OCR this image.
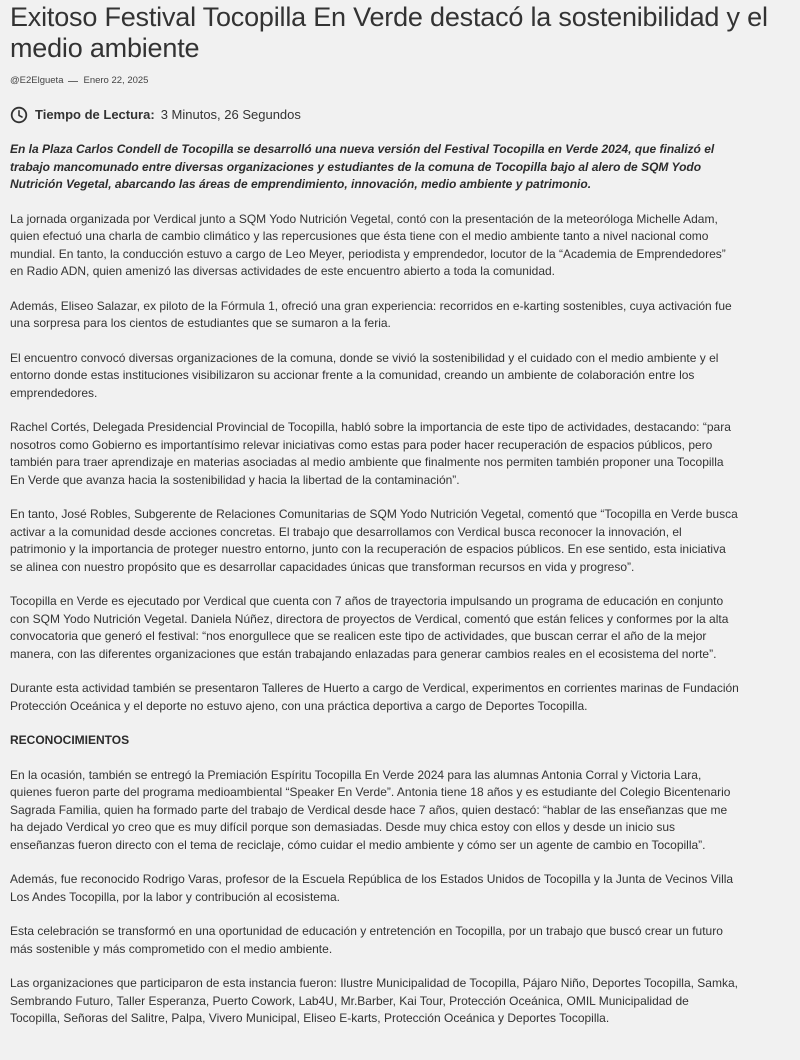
Exitoso Festival Tocopilla En Verde destacó la sostenibilidad y el medio ambiente
@E2Elgueta Enero 22, 2025
Tiempo de Lectura: 3 Minutos, 26 Segundos

En la Plaza Carlos Condell de Tocopilla se desarrolló una nueva versión del Festival Tocopilla en Verde 2024, que finalizó el trabajo mancomunado entre diversas organizaciones y estudiantes de la comuna de Tocopilla bajo al alero de SQM Yodo Nutrición Vegetal, abarcando las áreas de emprendimiento, innovación, medio ambiente y patrimonio.

La jornada organizada por Verdical junto a SQM Yodo Nutrición Vegetal, contó con la presentación de la meteoróloga Michelle Adam, quien efectuó una charla de cambio climático y las repercusiones que ésta tiene con el medio ambiente tanto a nivel nacional como mundial. En tanto, la conducción estuvo a cargo de Leo Meyer, periodista y emprendedor, locutor de la “Academia de Emprendedores” en Radio ADN, quien amenizó las diversas actividades de este encuentro abierto a toda la comunidad.

Además, Eliseo Salazar, ex piloto de la Fórmula 1, ofreció una gran experiencia: recorridos en e-karting sostenibles, cuya activación fue una sorpresa para los cientos de estudiantes que se sumaron a la feria.

El encuentro convocó diversas organizaciones de la comuna, donde se vivió la sostenibilidad y el cuidado con el medio ambiente y el entorno donde estas instituciones visibilizaron su accionar frente a la comunidad, creando un ambiente de colaboración entre los emprendedores.

Rachel Cortés, Delegada Presidencial Provincial de Tocopilla, habló sobre la importancia de este tipo de actividades, destacando: “para nosotros como Gobierno es importantísimo relevar iniciativas como estas para poder hacer recuperación de espacios públicos, pero también para traer aprendizaje en materias asociadas al medio ambiente que finalmente nos permiten también proponer una Tocopilla En Verde que avanza hacia la sostenibilidad y hacia la libertad de la contaminación”.

En tanto, José Robles, Subgerente de Relaciones Comunitarias de SQM Yodo Nutrición Vegetal, comentó que “Tocopilla en Verde busca activar a la comunidad desde acciones concretas. El trabajo que desarrollamos con Verdical busca reconocer la innovación, el patrimonio y la importancia de proteger nuestro entorno, junto con la recuperación de espacios públicos. En ese sentido, esta iniciativa se alinea con nuestro propósito que es desarrollar capacidades únicas que transforman recursos en vida y progreso”.

Tocopilla en Verde es ejecutado por Verdical que cuenta con 7 años de trayectoria impulsando un programa de educación en conjunto con SQM Yodo Nutrición Vegetal. Daniela Núñez, directora de proyectos de Verdical, comentó que están felices y conformes por la alta convocatoria que generó el festival: “nos enorgullece que se realicen este tipo de actividades, que buscan cerrar el año de la mejor manera, con las diferentes organizaciones que están trabajando enlazadas para generar cambios reales en el ecosistema del norte”.

Durante esta actividad también se presentaron Talleres de Huerto a cargo de Verdical, experimentos en corrientes marinas de Fundación Protección Oceánica y el deporte no estuvo ajeno, con una práctica deportiva a cargo de Deportes Tocopilla.

RECONOCIMIENTOS

En la ocasión, también se entregó la Premiación Espíritu Tocopilla En Verde 2024 para las alumnas Antonia Corral y Victoria Lara, quienes fueron parte del programa medioambiental “Speaker En Verde”. Antonia tiene 18 años y es estudiante del Colegio Bicentenario Sagrada Familia, quien ha formado parte del trabajo de Verdical desde hace 7 años, quien destacó: “hablar de las enseñanzas que me ha dejado Verdical yo creo que es muy difícil porque son demasiadas. Desde muy chica estoy con ellos y desde un inicio sus enseñanzas fueron directo con el tema de reciclaje, cómo cuidar el medio ambiente y cómo ser un agente de cambio en Tocopilla”.

Además, fue reconocido Rodrigo Varas, profesor de la Escuela República de los Estados Unidos de Tocopilla y la Junta de Vecinos Villa Los Andes Tocopilla, por la labor y contribución al ecosistema.

Esta celebración se transformó en una oportunidad de educación y entretención en Tocopilla, por un trabajo que buscó crear un futuro más sostenible y más comprometido con el medio ambiente.

Las organizaciones que participaron de esta instancia fueron: Ilustre Municipalidad de Tocopilla, Pájaro Niño, Deportes Tocopilla, Samka, Sembrando Futuro, Taller Esperanza, Puerto Cowork, Lab4U, Mr.Barber, Kai Tour, Protección Oceánica, OMIL Municipalidad de Tocopilla, Señoras del Salitre, Palpa, Vivero Municipal, Eliseo E-karts, Protección Oceánica y Deportes Tocopilla.
